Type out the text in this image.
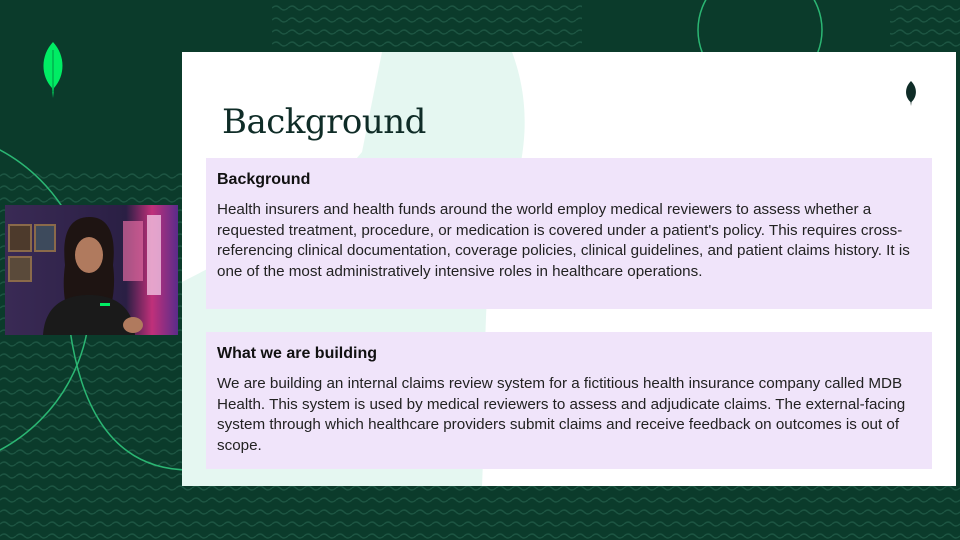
Background
Background

Health insurers and health funds around the world employ medical reviewers to assess whether a requested treatment, procedure, or medication is covered under a patient's policy. This requires cross-referencing clinical documentation, coverage policies, clinical guidelines, and patient claims history. It is one of the most administratively intensive roles in healthcare operations.

What we are building

We are building an internal claims review system for a fictitious health insurance company called MDB Health. This system is used by medical reviewers to assess and adjudicate claims. The external-facing system through which healthcare providers submit claims and receive feedback on outcomes is out of scope.
